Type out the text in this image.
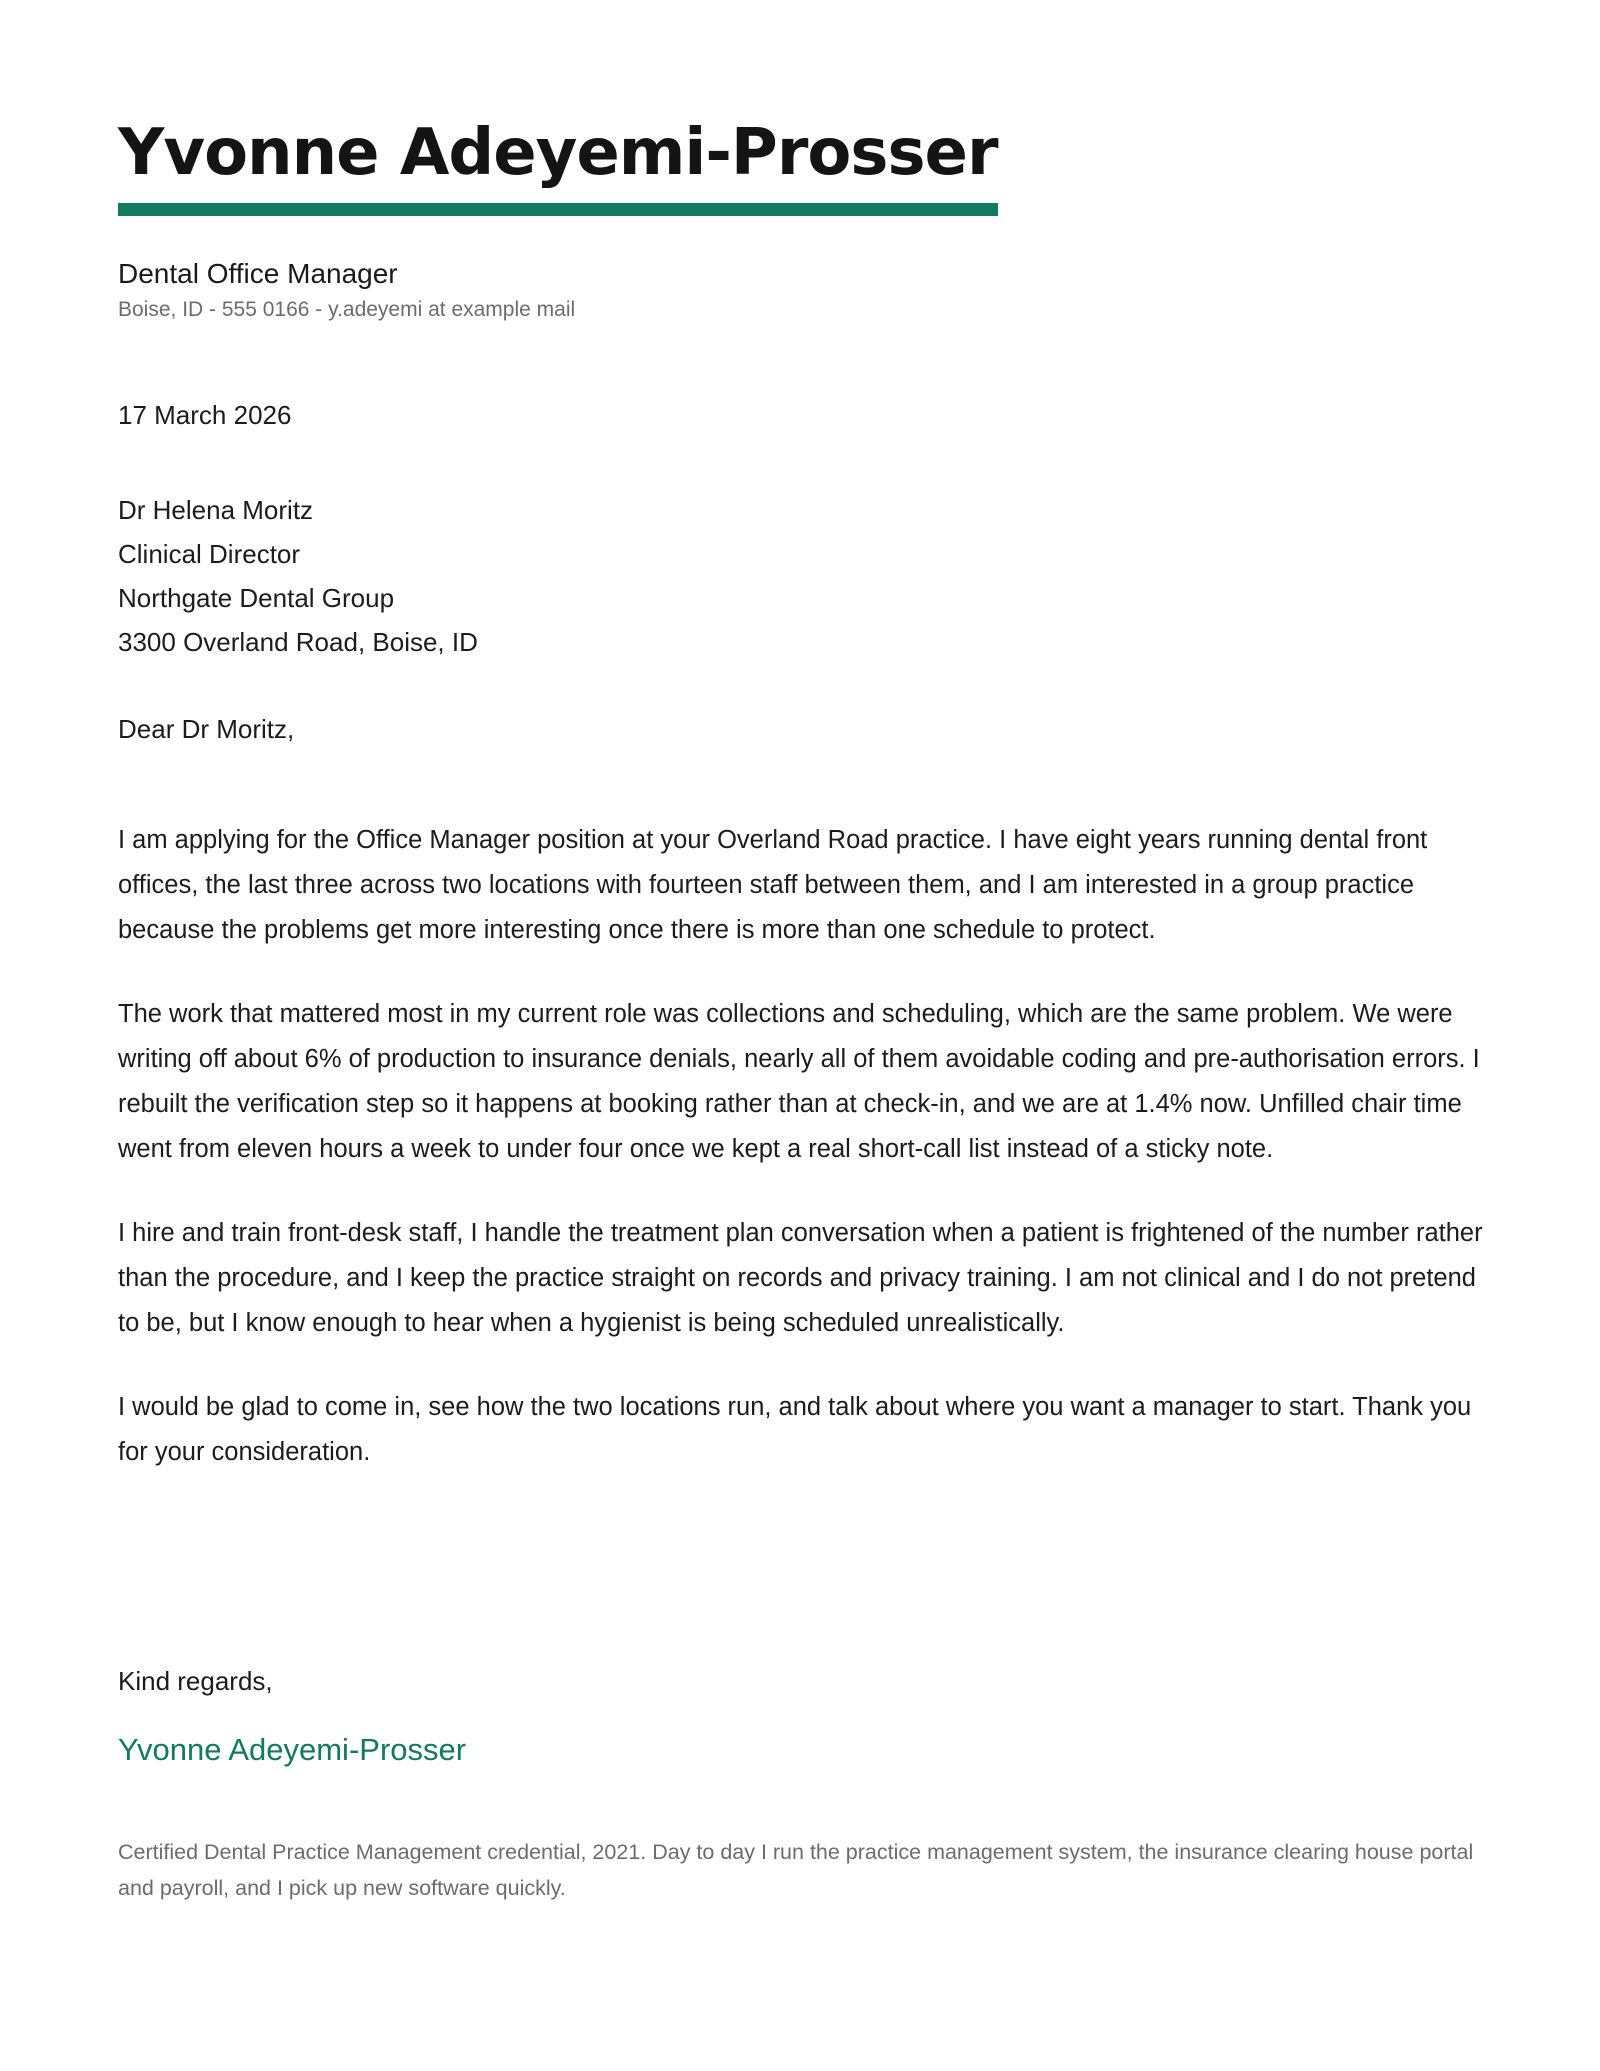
Yvonne Adeyemi-Prosser
Dental Office Manager
Boise, ID - 555 0166 - y.adeyemi at example mail
17 March 2026
Dr Helena Moritz
Clinical Director
Northgate Dental Group
3300 Overland Road, Boise, ID
Dear Dr Moritz,

I am applying for the Office Manager position at your Overland Road practice. I have eight years running dental front offices, the last three across two locations with fourteen staff between them, and I am interested in a group practice because the problems get more interesting once there is more than one schedule to protect.

The work that mattered most in my current role was collections and scheduling, which are the same problem. We were writing off about 6% of production to insurance denials, nearly all of them avoidable coding and pre-authorisation errors. I rebuilt the verification step so it happens at booking rather than at check-in, and we are at 1.4% now. Unfilled chair time went from eleven hours a week to under four once we kept a real short-call list instead of a sticky note.

I hire and train front-desk staff, I handle the treatment plan conversation when a patient is frightened of the number rather than the procedure, and I keep the practice straight on records and privacy training. I am not clinical and I do not pretend to be, but I know enough to hear when a hygienist is being scheduled unrealistically.

I would be glad to come in, see how the two locations run, and talk about where you want a manager to start. Thank you for your consideration.

Kind regards,
Yvonne Adeyemi-Prosser
Certified Dental Practice Management credential, 2021. Day to day I run the practice management system, the insurance clearing house portal and payroll, and I pick up new software quickly.
